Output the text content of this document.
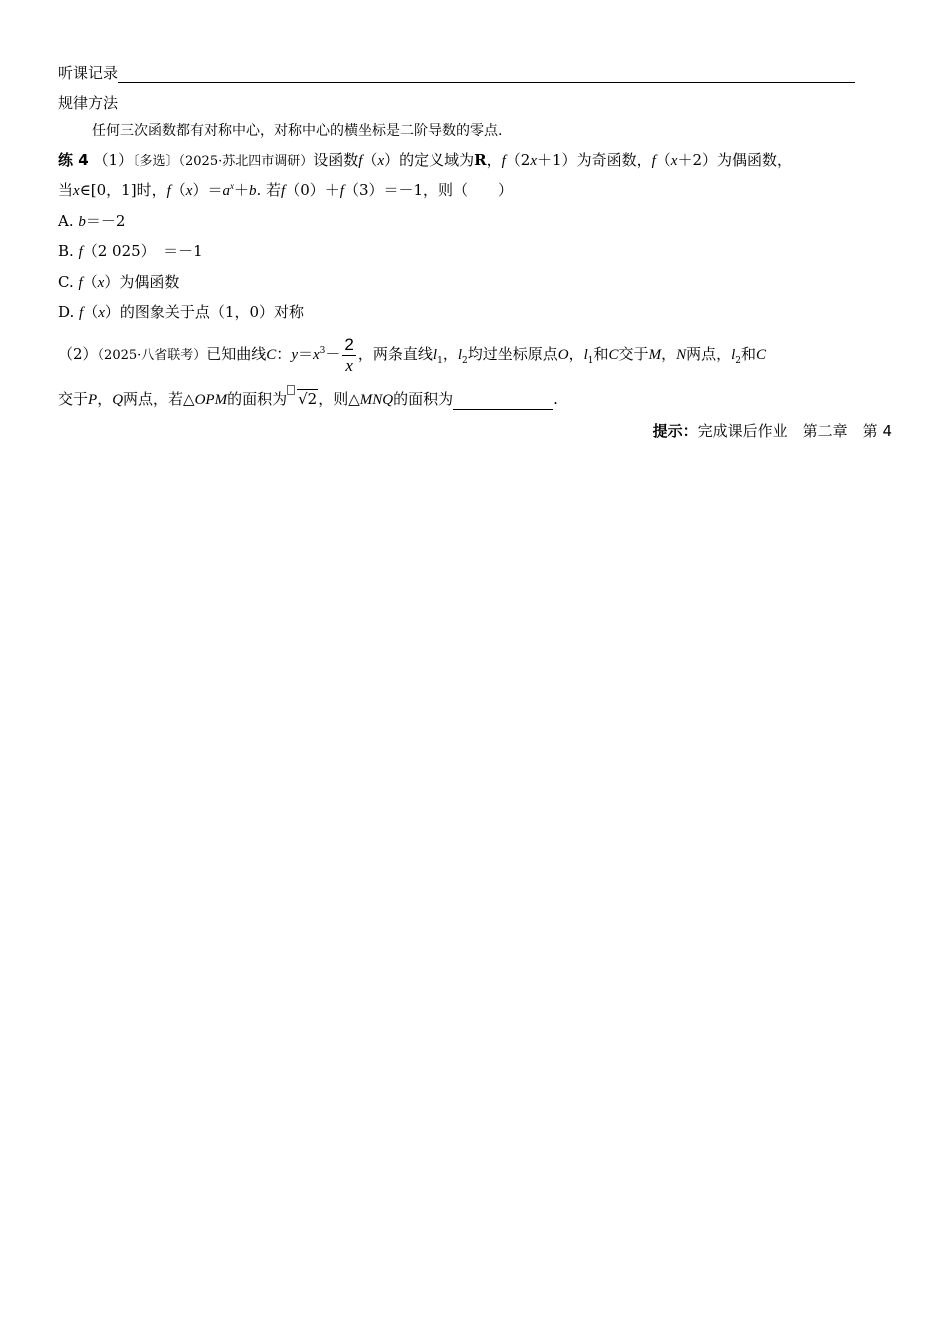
听课记录
规律方法
任何三次函数都有对称中心，对称中心的横坐标是二阶导数的零点.
练 4 （1）〔多选〕（2025·苏北四市调研）设函数f（x）的定义域为R，f（2x＋1）为奇函数，f（x＋2）为偶函数，
当x∈[0，1]时，$f(x)=a^x+b$. 若f（0）＋f（3）＝－1，则（　　）
A. b＝－2
B. f（2 025）　＝－1
C. f（x）为偶函数
D. f（x）的图象关于点（1，0）对称
（2）（2025·八省联考）已知曲线C：$y=x^3- \frac{2}{x}$ ，两条直线$l_1$，$l_2$均过坐标原点O，$l_1$和C交于M，N两点，$l_2$和C
交于P，Q两点，若△OPM的面积为 √2，则△MNQ的面积为	.
提示：完成课后作业　第二章　第 4
